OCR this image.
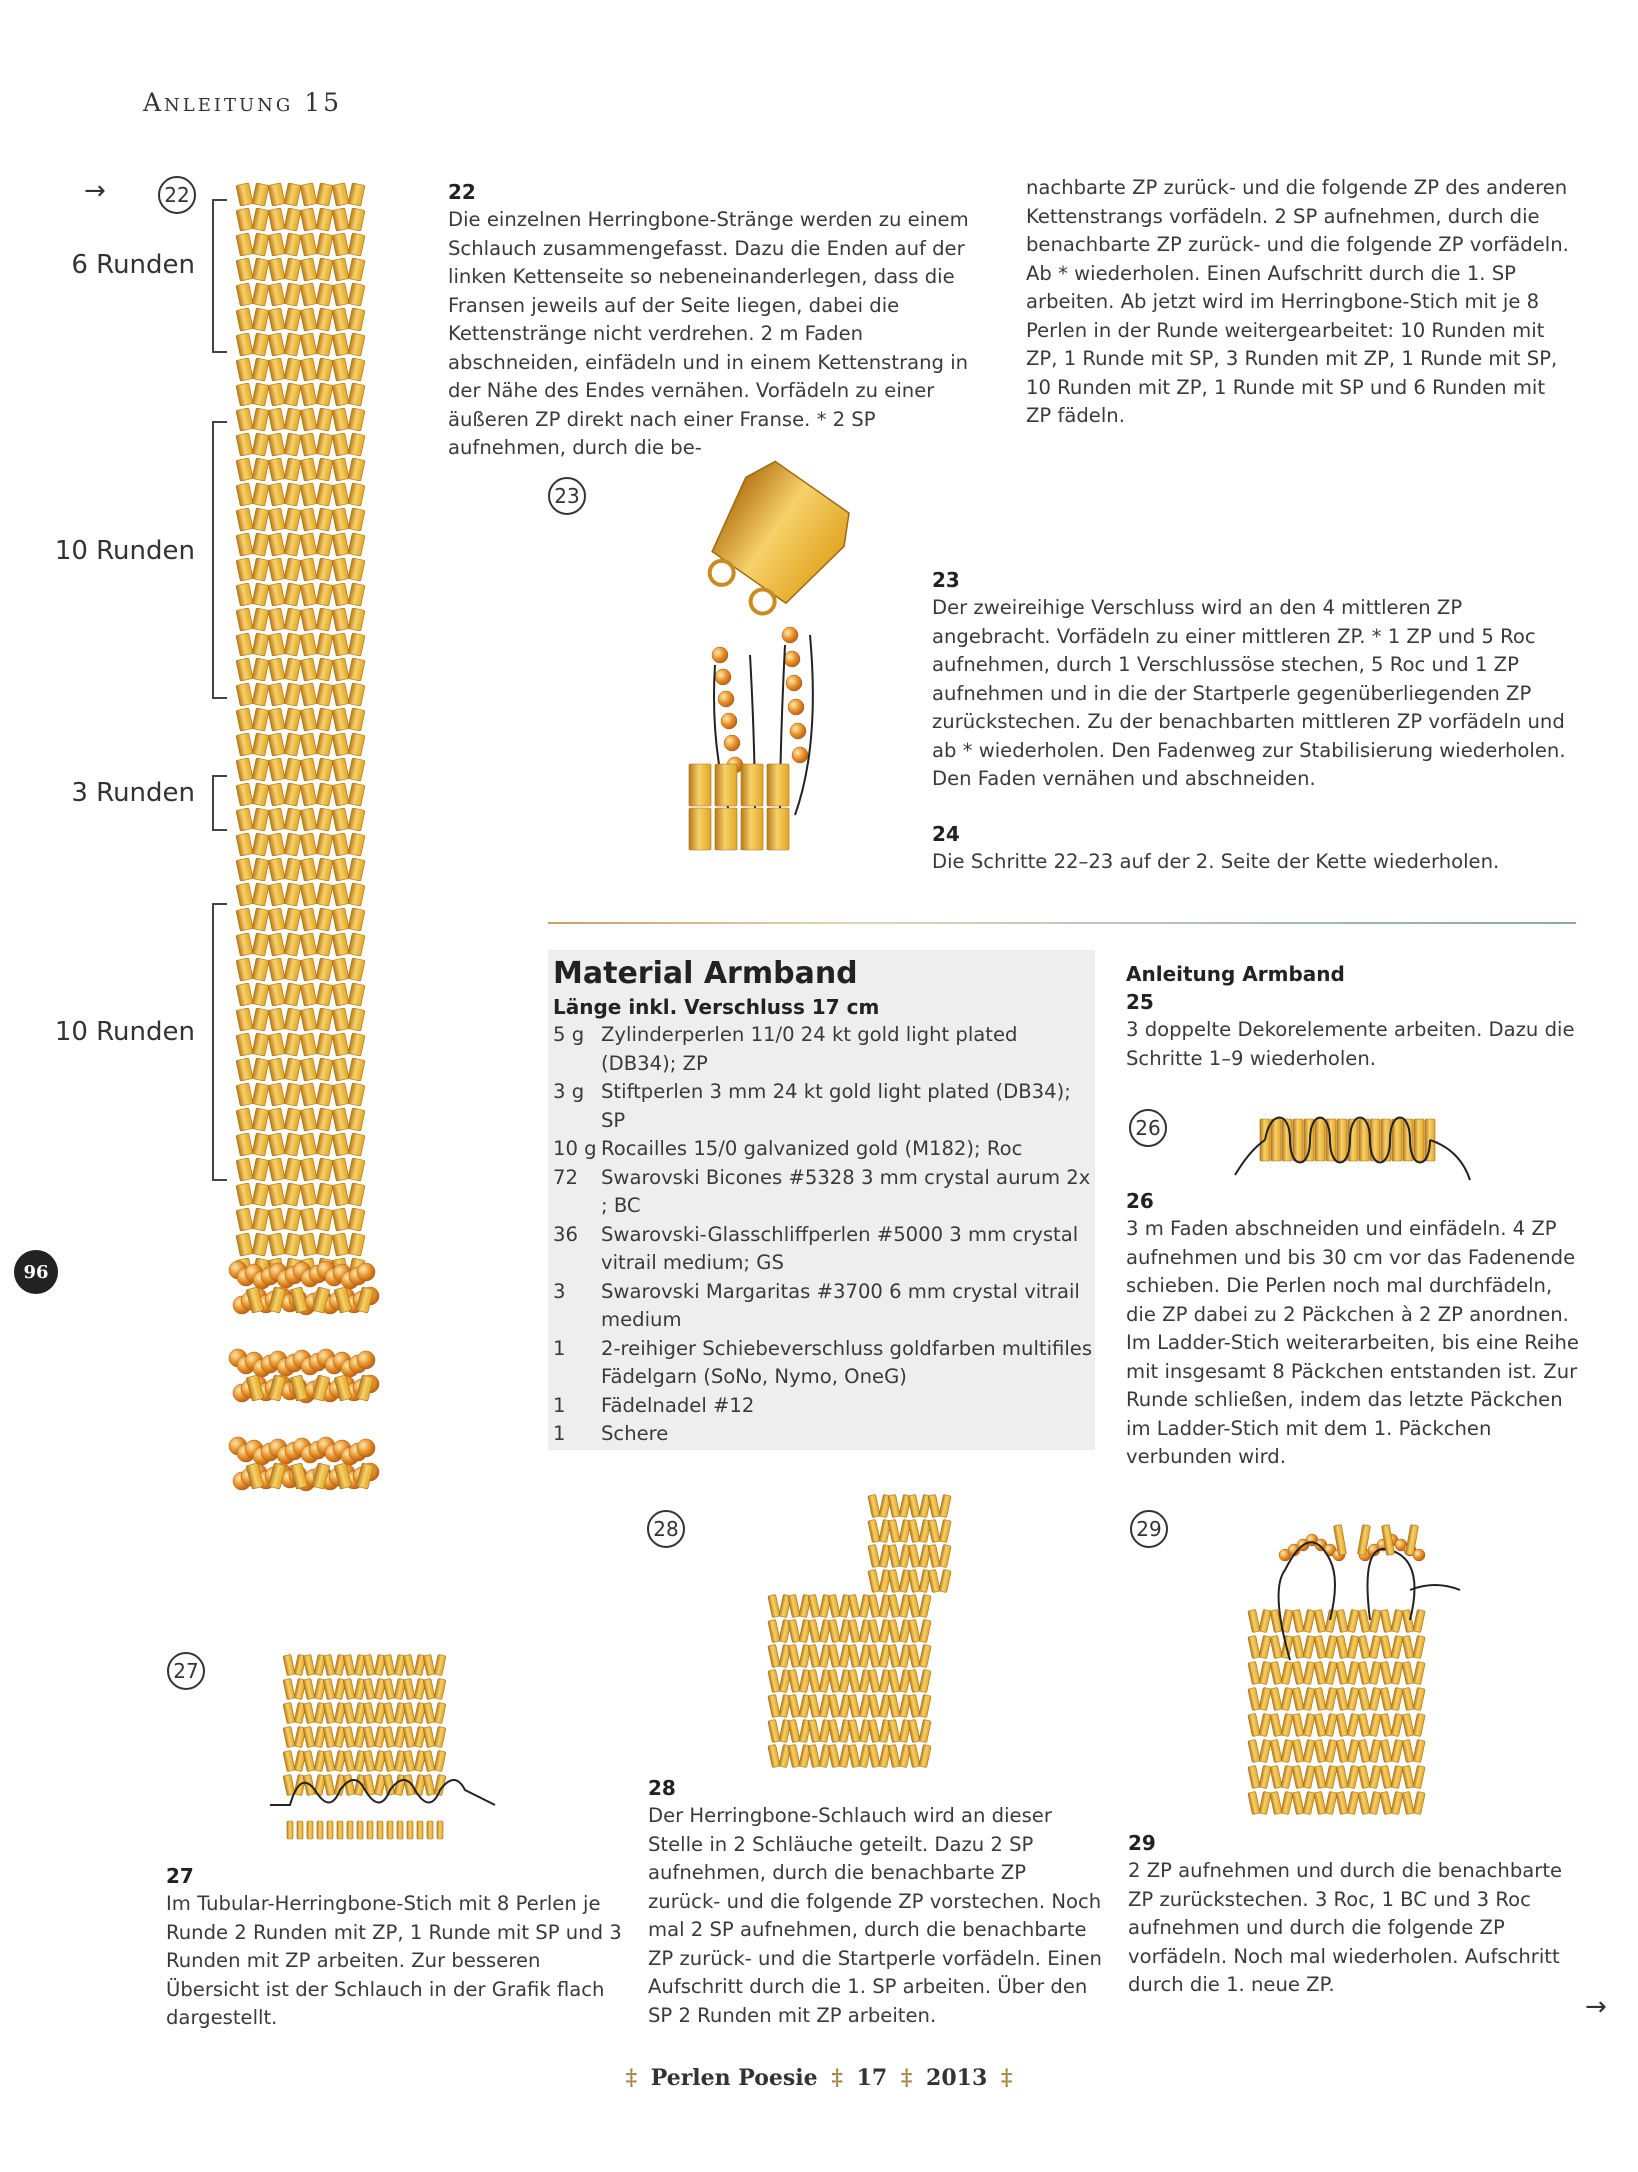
Anleitung 15
96
→	22
6 Runden
10 Runden
3 Runden
10 Runden
22

Die einzelnen Herringbone-Stränge werden zu einem Schlauch zusammengefasst. Dazu die Enden auf der linken Kettenseite so nebeneinanderlegen, dass die Fransen jeweils auf der Seite liegen, dabei die Kettenstränge nicht verdrehen. 2 m Faden abschneiden, einfädeln und in einem Kettenstrang in der Nähe des Endes vernähen. Vorfädeln zu einer äußeren ZP direkt nach einer Franse. * 2 SP aufnehmen, durch die be-

nachbarte ZP zurück- und die folgende ZP des anderen Kettenstrangs vorfädeln. 2 SP aufnehmen, durch die benachbarte ZP zurück- und die folgende ZP vorfädeln. Ab * wiederholen. Einen Aufschritt durch die 1. SP arbeiten. Ab jetzt wird im Herringbone-Stich mit je 8 Perlen in der Runde weitergearbeitet: 10 Runden mit ZP, 1 Runde mit SP, 3 Runden mit ZP, 1 Runde mit SP, 10 Runden mit ZP, 1 Runde mit SP und 6 Runden mit ZP fädeln.

23
23

Der zweireihige Verschluss wird an den 4 mittleren ZP angebracht. Vorfädeln zu einer mittleren ZP. * 1 ZP und 5 Roc aufnehmen, durch 1 Verschlussöse stechen, 5 Roc und 1 ZP aufnehmen und in die der Startperle gegenüberliegenden ZP zurückstechen. Zu der benachbarten mittleren ZP vorfädeln und ab * wiederholen. Den Fadenweg zur Stabilisierung wiederholen. Den Faden vernähen und abschneiden.

24

Die Schritte 22–23 auf der 2. Seite der Kette wiederholen.

Material Armband
Länge inkl. Verschluss 17 cm
5 g Zylinderperlen 11/0 24 kt gold light plated (DB34); ZP
3 g Stiftperlen 3 mm 24 kt gold light plated (DB34); SP
10 g Rocailles 15/0 galvanized gold (M182); Roc
72	Swarovski Bicones #5328 3 mm crystal aurum 2x ; BC
36	Swarovski-Glasschliffperlen #5000 3 mm crystal vitrail medium; GS
3	Swarovski Margaritas #3700 6 mm crystal vitrail medium
1	2-reihiger Schiebeverschluss goldfarben multifiles Fädelgarn (SoNo, Nymo, OneG)
1	Fädelnadel #12
1	Schere
Anleitung Armband
25

3 doppelte Dekorelemente arbeiten. Dazu die Schritte 1–9 wiederholen.

26
26

3 m Faden abschneiden und einfädeln. 4 ZP aufnehmen und bis 30 cm vor das Fadenende schieben. Die Perlen noch mal durchfädeln, die ZP dabei zu 2 Päckchen à 2 ZP anordnen. Im Ladder-Stich weiterarbeiten, bis eine Reihe mit insgesamt 8 Päckchen entstanden ist. Zur Runde schließen, indem das letzte Päckchen im Ladder-Stich mit dem 1. Päckchen verbunden wird.

27
27

Im Tubular-Herringbone-Stich mit 8 Perlen je Runde 2 Runden mit ZP, 1 Runde mit SP und 3 Runden mit ZP arbeiten. Zur besseren Übersicht ist der Schlauch in der Grafik flach dargestellt.

28
28

Der Herringbone-Schlauch wird an dieser Stelle in 2 Schläuche geteilt. Dazu 2 SP aufnehmen, durch die benachbarte ZP zurück- und die folgende ZP vorstechen. Noch mal 2 SP aufnehmen, durch die benachbarte ZP zurück- und die Startperle vorfädeln. Einen Aufschritt durch die 1. SP arbeiten. Über den SP 2 Runden mit ZP arbeiten.

29
29

2 ZP aufnehmen und durch die benachbarte ZP zurückstechen. 3 Roc, 1 BC und 3 Roc aufnehmen und durch die folgende ZP vorfädeln. Noch mal wiederholen. Aufschritt durch die 1. neue ZP.

→
‡ Perlen Poesie ‡ 17 ‡ 2013 ‡
